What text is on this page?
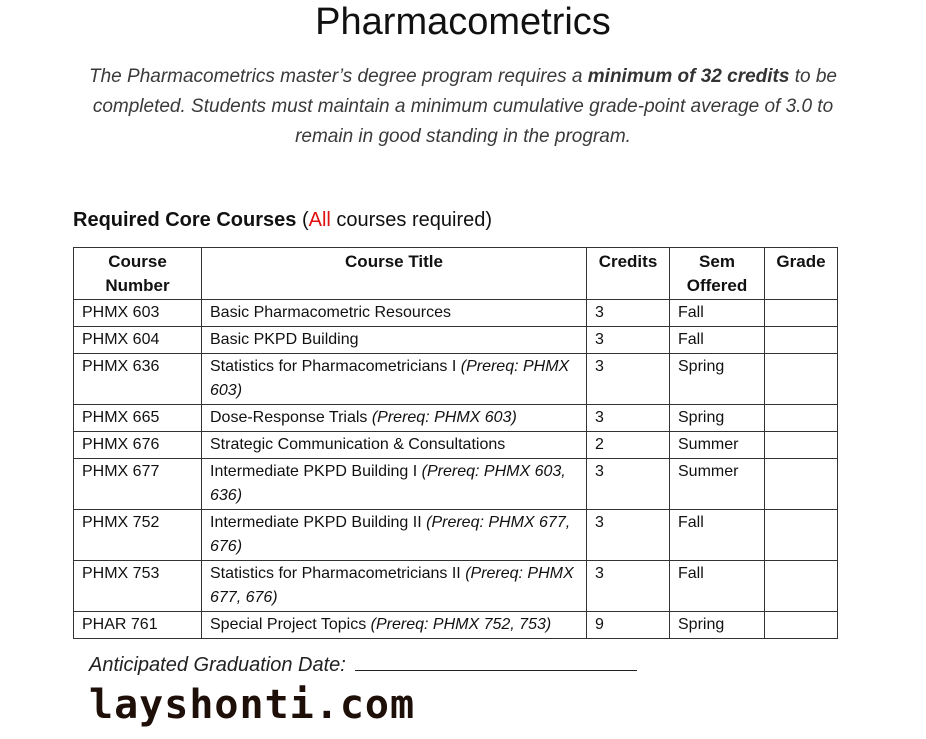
Pharmacometrics
The Pharmacometrics master’s degree program requires a minimum of 32 credits to be completed. Students must maintain a minimum cumulative grade-point average of 3.0 to remain in good standing in the program.
Required Core Courses (All courses required)
Course Number	Course Title	Credits	Sem Offered	Grade
PHMX 603	Basic Pharmacometric Resources	3	Fall	
PHMX 604	Basic PKPD Building	3	Fall	
PHMX 636	Statistics for Pharmacometricians I (Prereq: PHMX 603)	3	Spring	
PHMX 665	Dose-Response Trials (Prereq: PHMX 603)	3	Spring	
PHMX 676	Strategic Communication & Consultations	2	Summer	
PHMX 677	Intermediate PKPD Building I (Prereq: PHMX 603, 636)	3	Summer	
PHMX 752	Intermediate PKPD Building II (Prereq: PHMX 677, 676)	3	Fall	
PHMX 753	Statistics for Pharmacometricians II (Prereq: PHMX 677, 676)	3	Fall	
PHAR 761	Special Project Topics (Prereq: PHMX 752, 753)	9	Spring	
Anticipated Graduation Date:
layshonti.com
